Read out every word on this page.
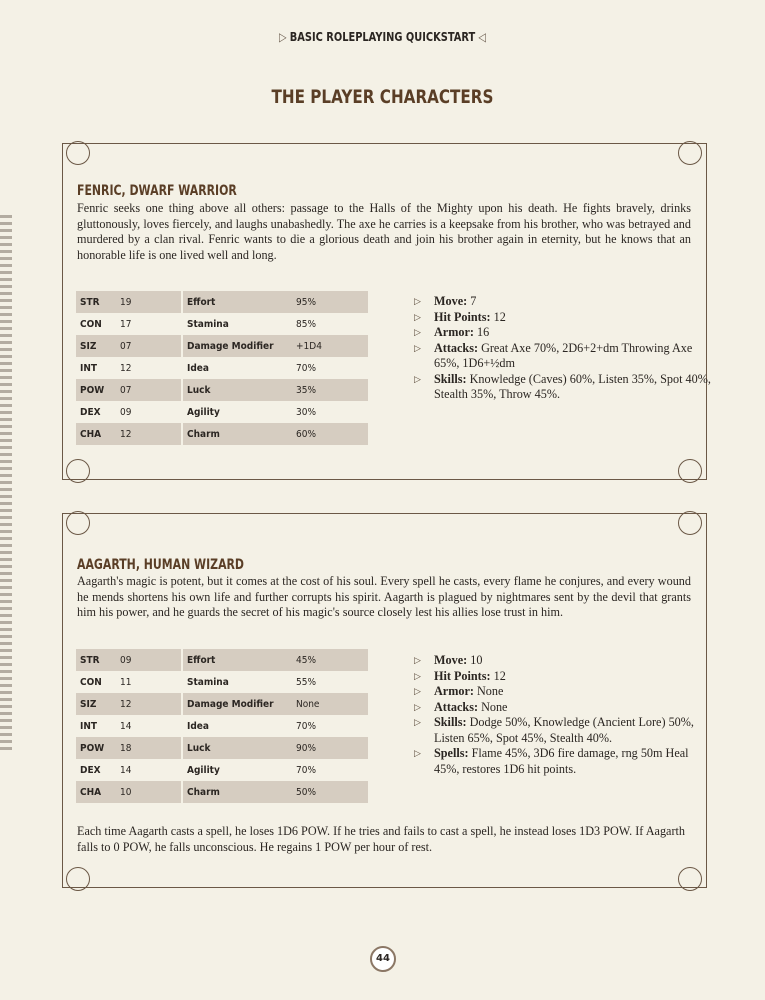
▷ BASIC ROLEPLAYING QUICKSTART ◁
THE PLAYER CHARACTERS
FENRIC, DWARF WARRIOR
Fenric seeks one thing above all others: passage to the Halls of the Mighty upon his death. He fights bravely, drinks gluttonously, loves fiercely, and laughs unabashedly. The axe he carries is a keepsake from his brother, who was betrayed and murdered by a clan rival. Fenric wants to die a glorious death and join his brother again in eternity, but he knows that an honorable life is one lived well and long.
STR	19	Effort	95%
CON	17	Stamina	85%
SIZ	07	Damage Modifier	+1D4
INT	12	Idea	70%
POW	07	Luck	35%
DEX	09	Agility	30%
CHA	12	Charm	60%
▷ Move: 7
▷ Hit Points: 12
▷ Armor: 16
▷ Attacks: Great Axe 70%, 2D6+2+dm Throwing Axe 65%, 1D6+½dm
▷ Skills: Knowledge (Caves) 60%, Listen 35%, Spot 40%, Stealth 35%, Throw 45%.
AAGARTH, HUMAN WIZARD
Aagarth's magic is potent, but it comes at the cost of his soul. Every spell he casts, every flame he conjures, and every wound he mends shortens his own life and further corrupts his spirit. Aagarth is plagued by nightmares sent by the devil that grants him his power, and he guards the secret of his magic's source closely lest his allies lose trust in him.
STR	09	Effort	45%
CON	11	Stamina	55%
SIZ	12	Damage Modifier	None
INT	14	Idea	70%
POW	18	Luck	90%
DEX	14	Agility	70%
CHA	10	Charm	50%
▷ Move: 10
▷ Hit Points: 12
▷ Armor: None
▷ Attacks: None
▷ Skills: Dodge 50%, Knowledge (Ancient Lore) 50%, Listen 65%, Spot 45%, Stealth 40%.
▷ Spells: Flame 45%, 3D6 fire damage, rng 50m Heal 45%, restores 1D6 hit points.
Each time Aagarth casts a spell, he loses 1D6 POW. If he tries and fails to cast a spell, he instead loses 1D3 POW. If Aagarth falls to 0 POW, he falls unconscious. He regains 1 POW per hour of rest.
44
